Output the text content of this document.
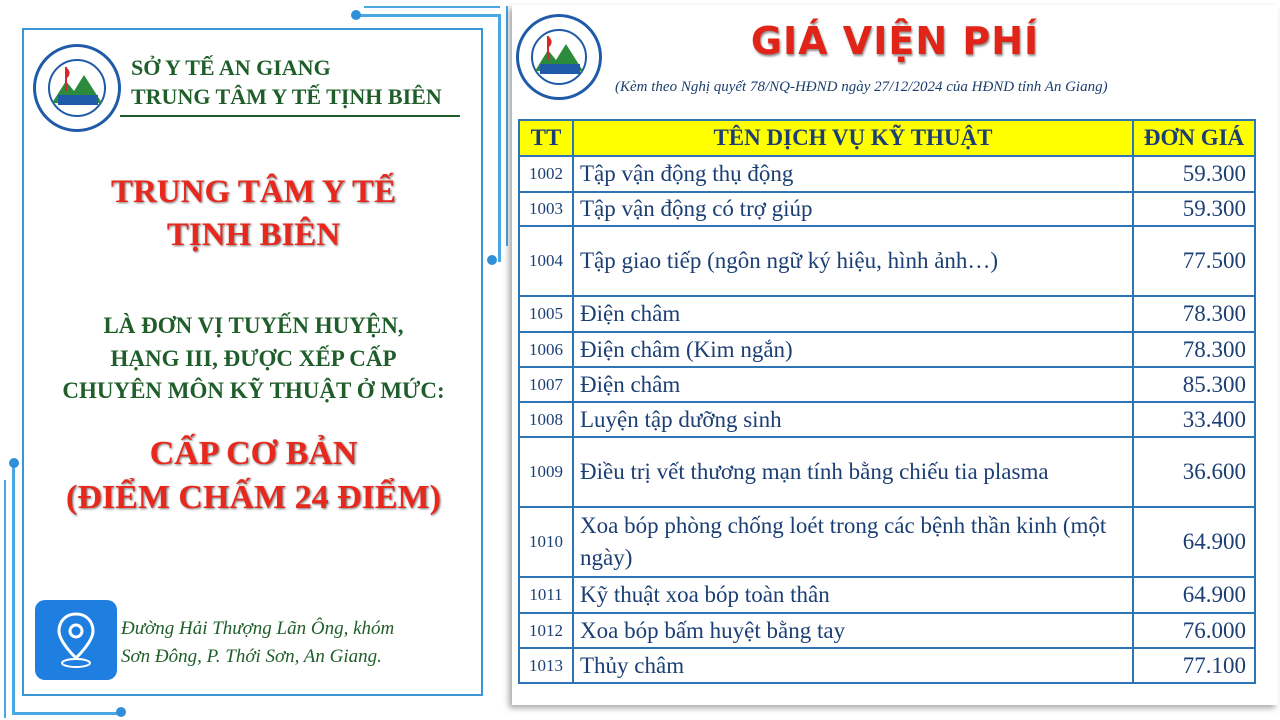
SỞ Y TẾ AN GIANG
TRUNG TÂM Y TẾ TỊNH BIÊN
TRUNG TÂM Y TẾ
TỊNH BIÊN
LÀ ĐƠN VỊ TUYẾN HUYỆN,
HẠNG III, ĐƯỢC XẾP CẤP
CHUYÊN MÔN KỸ THUẬT Ở MỨC:
CẤP CƠ BẢN
(ĐIỂM CHẤM 24 ĐIỂM)
Đường Hải Thượng Lãn Ông, khóm
Sơn Đông, P. Thới Sơn, An Giang.
GIÁ VIỆN PHÍ
(Kèm theo Nghị quyết 78/NQ-HĐND ngày 27/12/2024 của HĐND tỉnh An Giang)
TT	TÊN DỊCH VỤ KỸ THUẬT	ĐƠN GIÁ
1002	Tập vận động thụ động	59.300
1003	Tập vận động có trợ giúp	59.300
1004	Tập giao tiếp (ngôn ngữ ký hiệu, hình ảnh…)	77.500
1005	Điện châm	78.300
1006	Điện châm (Kim ngắn)	78.300
1007	Điện châm	85.300
1008	Luyện tập dưỡng sinh	33.400
1009	Điều trị vết thương mạn tính bằng chiếu tia plasma	36.600
1010	Xoa bóp phòng chống loét trong các bệnh thần kinh (một ngày)	64.900
1011	Kỹ thuật xoa bóp toàn thân	64.900
1012	Xoa bóp bấm huyệt bằng tay	76.000
1013	Thủy châm	77.100
